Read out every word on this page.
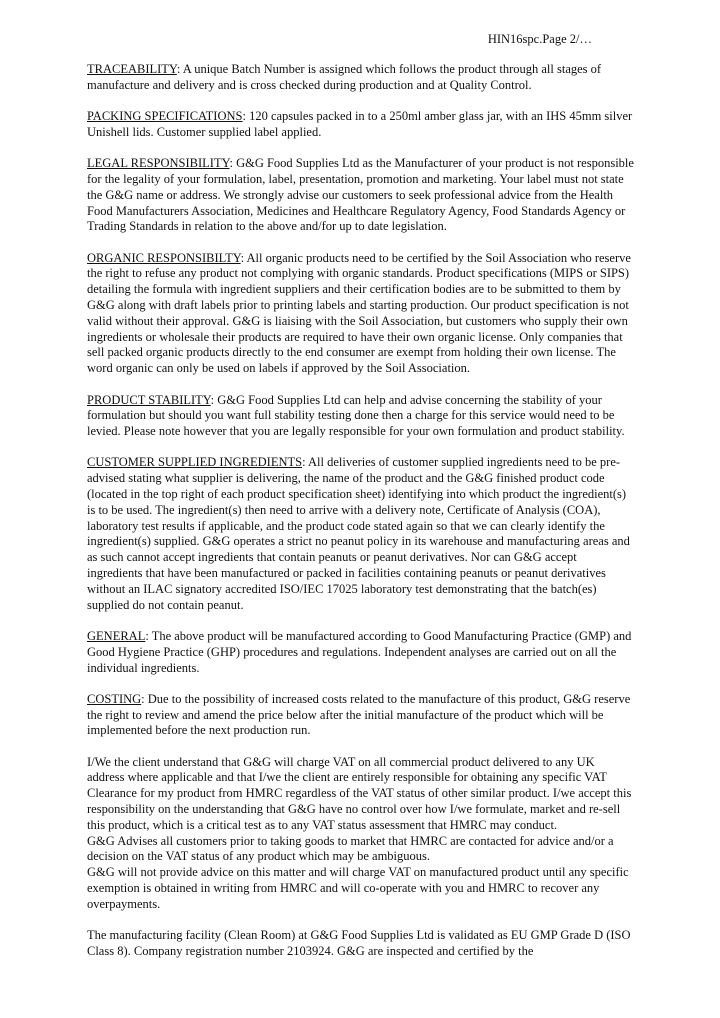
HIN16spc.Page 2/…

TRACEABILITY: A unique Batch Number is assigned which follows the product through all stages of manufacture and delivery and is cross checked during production and at Quality Control.

PACKING SPECIFICATIONS: 120 capsules packed in to a 250ml amber glass jar, with an IHS 45mm silver Unishell lids. Customer supplied label applied.

LEGAL RESPONSIBILITY: G&G Food Supplies Ltd as the Manufacturer of your product is not responsible for the legality of your formulation, label, presentation, promotion and marketing. Your label must not state the G&G name or address. We strongly advise our customers to seek professional advice from the Health Food Manufacturers Association, Medicines and Healthcare Regulatory Agency, Food Standards Agency or Trading Standards in relation to the above and/for up to date legislation.

ORGANIC RESPONSIBILTY: All organic products need to be certified by the Soil Association who reserve the right to refuse any product not complying with organic standards. Product specifications (MIPS or SIPS) detailing the formula with ingredient suppliers and their certification bodies are to be submitted to them by G&G along with draft labels prior to printing labels and starting production. Our product specification is not valid without their approval. G&G is liaising with the Soil Association, but customers who supply their own ingredients or wholesale their products are required to have their own organic license. Only companies that sell packed organic products directly to the end consumer are exempt from holding their own license. The word organic can only be used on labels if approved by the Soil Association.

PRODUCT STABILITY: G&G Food Supplies Ltd can help and advise concerning the stability of your formulation but should you want full stability testing done then a charge for this service would need to be levied. Please note however that you are legally responsible for your own formulation and product stability.

CUSTOMER SUPPLIED INGREDIENTS: All deliveries of customer supplied ingredients need to be pre-advised stating what supplier is delivering, the name of the product and the G&G finished product code (located in the top right of each product specification sheet) identifying into which product the ingredient(s) is to be used. The ingredient(s) then need to arrive with a delivery note, Certificate of Analysis (COA), laboratory test results if applicable, and the product code stated again so that we can clearly identify the ingredient(s) supplied. G&G operates a strict no peanut policy in its warehouse and manufacturing areas and as such cannot accept ingredients that contain peanuts or peanut derivatives. Nor can G&G accept ingredients that have been manufactured or packed in facilities containing peanuts or peanut derivatives without an ILAC signatory accredited ISO/IEC 17025 laboratory test demonstrating that the batch(es) supplied do not contain peanut.

GENERAL: The above product will be manufactured according to Good Manufacturing Practice (GMP) and Good Hygiene Practice (GHP) procedures and regulations. Independent analyses are carried out on all the individual ingredients.

COSTING: Due to the possibility of increased costs related to the manufacture of this product, G&G reserve the right to review and amend the price below after the initial manufacture of the product which will be implemented before the next production run.

I/We the client understand that G&G will charge VAT on all commercial product delivered to any UK address where applicable and that I/we the client are entirely responsible for obtaining any specific VAT Clearance for my product from HMRC regardless of the VAT status of other similar product. I/we accept this responsibility on the understanding that G&G have no control over how I/we formulate, market and re-sell this product, which is a critical test as to any VAT status assessment that HMRC may conduct.

G&G Advises all customers prior to taking goods to market that HMRC are contacted for advice and/or a decision on the VAT status of any product which may be ambiguous.

G&G will not provide advice on this matter and will charge VAT on manufactured product until any specific exemption is obtained in writing from HMRC and will co-operate with you and HMRC to recover any overpayments.

The manufacturing facility (Clean Room) at G&G Food Supplies Ltd is validated as EU GMP Grade D (ISO Class 8). Company registration number 2103924. G&G are inspected and certified by the
